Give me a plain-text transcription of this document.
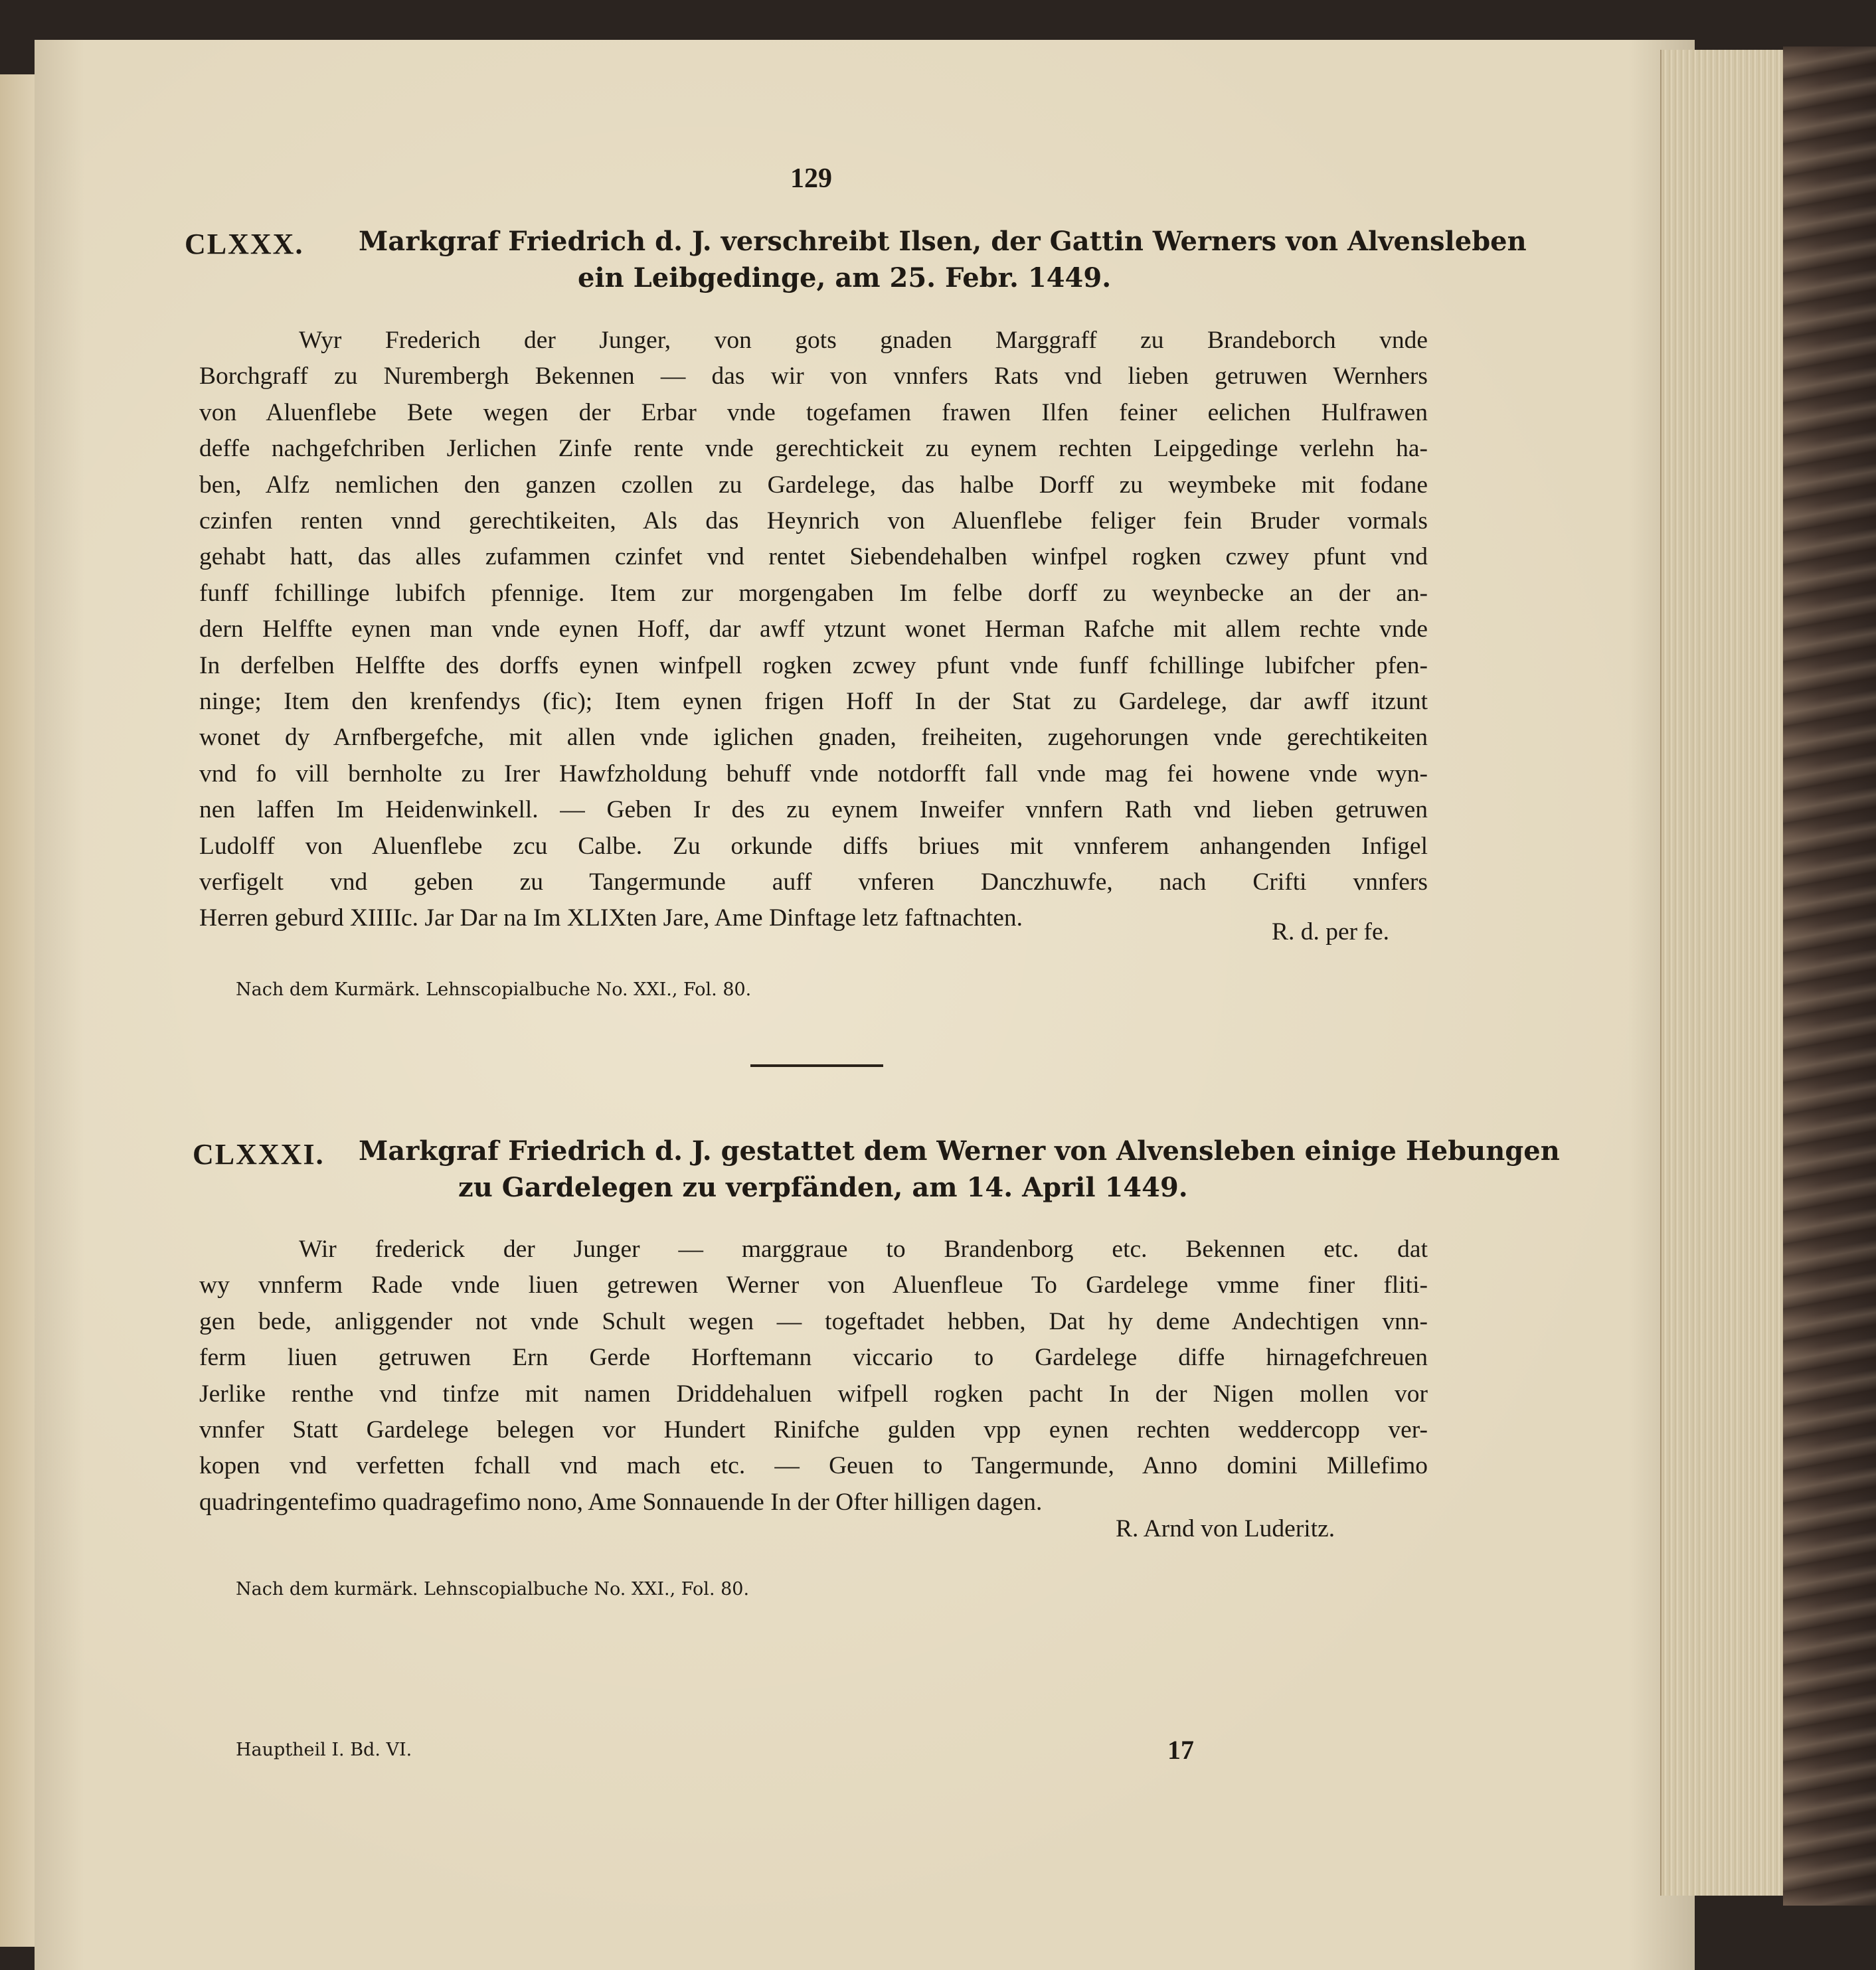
129
CLXXX. Markgraf Friedrich d. J. verschreibt Ilsen, der Gattin Werners von Alvensleben
ein Leibgedinge, am 25. Febr. 1449.

Wyr Frederich der Junger, von gots gnaden Marggraff zu Brandeborch vnde

Borchgraff zu Nurembergh Bekennen — das wir von vnnfers Rats vnd lieben getruwen Wernhers

von Aluenflebe Bete wegen der Erbar vnde togefamen frawen Ilfen feiner eelichen Hulfrawen

deffe nachgefchriben Jerlichen Zinfe rente vnde gerechtickeit zu eynem rechten Leipgedinge verlehn ha-

ben, Alfz nemlichen den ganzen czollen zu Gardelege, das halbe Dorff zu weymbeke mit fodane

czinfen renten vnnd gerechtikeiten, Als das Heynrich von Aluenflebe feliger fein Bruder vormals

gehabt hatt, das alles zufammen czinfet vnd rentet Siebendehalben winfpel rogken czwey pfunt vnd

funff fchillinge lubifch pfennige. Item zur morgengaben Im felbe dorff zu weynbecke an der an-

dern Helffte eynen man vnde eynen Hoff, dar awff ytzunt wonet Herman Rafche mit allem rechte vnde

In derfelben Helffte des dorffs eynen winfpell rogken zcwey pfunt vnde funff fchillinge lubifcher pfen-

ninge; Item den krenfendys (fic); Item eynen frigen Hoff In der Stat zu Gardelege, dar awff itzunt

wonet dy Arnfbergefche, mit allen vnde iglichen gnaden, freiheiten, zugehorungen vnde gerechtikeiten

vnd fo vill bernholte zu Irer Hawfzholdung behuff vnde notdorfft fall vnde mag fei howene vnde wyn-

nen laffen Im Heidenwinkell. — Geben Ir des zu eynem Inweifer vnnfern Rath vnd lieben getruwen

Ludolff von Aluenflebe zcu Calbe. Zu orkunde diffs briues mit vnnferem anhangenden Infigel

verfigelt vnd geben zu Tangermunde auff vnferen Danczhuwfe, nach Crifti vnnfers

Herren geburd XIIIIc. Jar Dar na Im XLIXten Jare, Ame Dinftage letz faftnachten.

R. d. per fe.
Nach dem Kurmärk. Lehnscopialbuche No. XXI., Fol. 80.
CLXXXI. Markgraf Friedrich d. J. gestattet dem Werner von Alvensleben einige Hebungen
zu Gardelegen zu verpfänden, am 14. April 1449.

Wir frederick der Junger — marggraue to Brandenborg etc. Bekennen etc. dat

wy vnnferm Rade vnde liuen getrewen Werner von Aluenfleue To Gardelege vmme finer fliti-

gen bede, anliggender not vnde Schult wegen — togeftadet hebben, Dat hy deme Andechtigen vnn-

ferm liuen getruwen Ern Gerde Horftemann viccario to Gardelege diffe hirnagefchreuen

Jerlike renthe vnd tinfze mit namen Driddehaluen wifpell rogken pacht In der Nigen mollen vor

vnnfer Statt Gardelege belegen vor Hundert Rinifche gulden vpp eynen rechten weddercopp ver-

kopen vnd verfetten fchall vnd mach etc. — Geuen to Tangermunde, Anno domini Millefimo

quadringentefimo quadragefimo nono, Ame Sonnauende In der Ofter hilligen dagen.

R. Arnd von Luderitz.
Nach dem kurmärk. Lehnscopialbuche No. XXI., Fol. 80.
Hauptheil I. Bd. VI.	17
